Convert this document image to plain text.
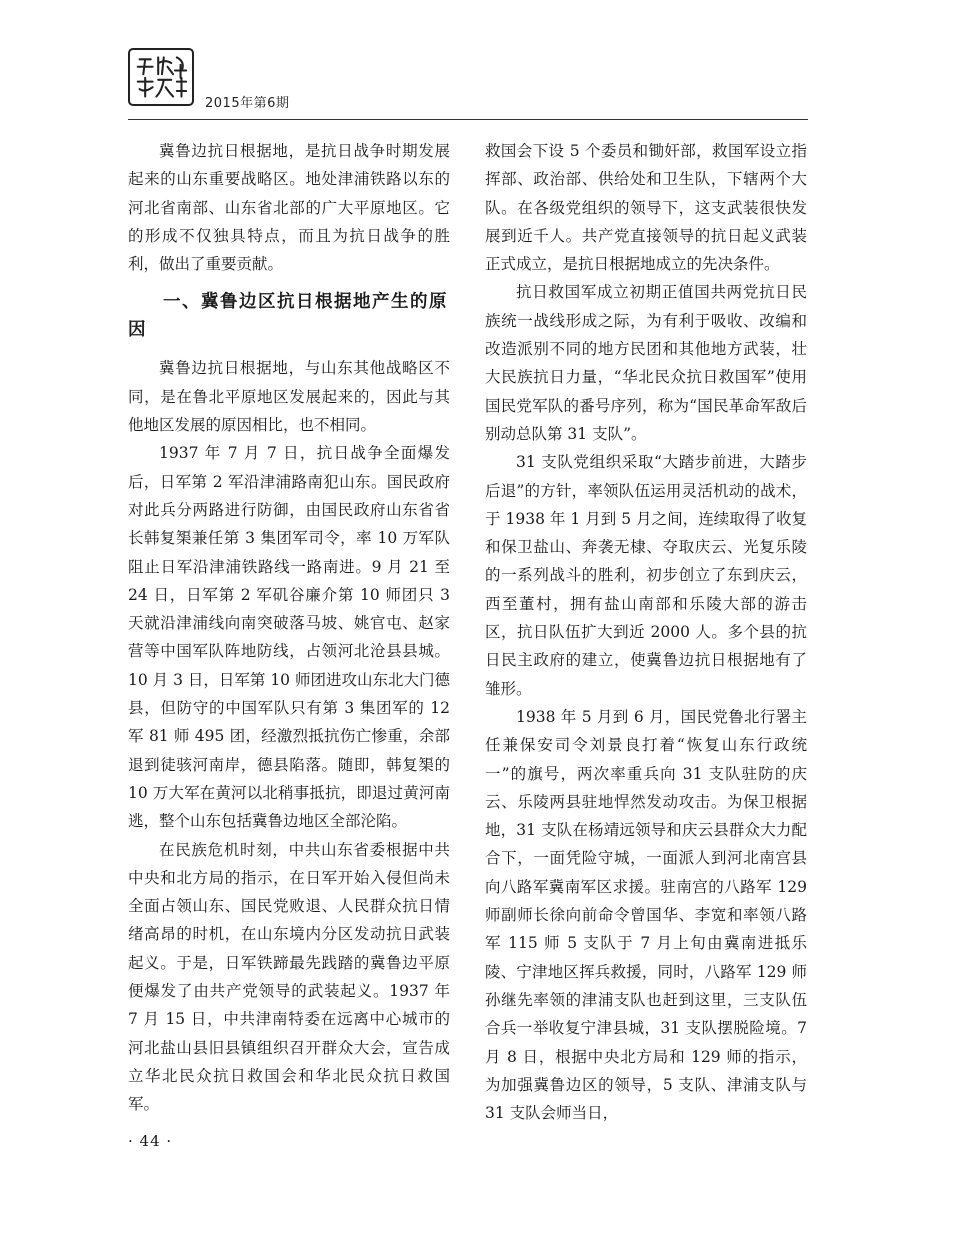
2015年第6期

冀鲁边抗日根据地，是抗日战争时期发展起来的山东重要战略区。地处津浦铁路以东的河北省南部、山东省北部的广大平原地区。它的形成不仅独具特点，而且为抗日战争的胜利，做出了重要贡献。

一、冀鲁边区抗日根据地产生的原因

冀鲁边抗日根据地，与山东其他战略区不同，是在鲁北平原地区发展起来的，因此与其他地区发展的原因相比，也不相同。

1937 年 7 月 7 日，抗日战争全面爆发后，日军第 2 军沿津浦路南犯山东。国民政府对此兵分两路进行防御，由国民政府山东省省长韩复榘兼任第 3 集团军司令，率 10 万军队阻止日军沿津浦铁路线一路南进。9 月 21 至 24 日，日军第 2 军矶谷廉介第 10 师团只 3 天就沿津浦线向南突破落马坡、姚官屯、赵家营等中国军队阵地防线，占领河北沧县县城。10 月 3 日，日军第 10 师团进攻山东北大门德县，但防守的中国军队只有第 3 集团军的 12 军 81 师 495 团，经激烈抵抗伤亡惨重，余部退到徒骇河南岸，德县陷落。随即，韩复榘的 10 万大军在黄河以北稍事抵抗，即退过黄河南逃，整个山东包括冀鲁边地区全部沦陷。

在民族危机时刻，中共山东省委根据中共中央和北方局的指示，在日军开始入侵但尚未全面占领山东、国民党败退、人民群众抗日情绪高昂的时机，在山东境内分区发动抗日武装起义。于是，日军铁蹄最先践踏的冀鲁边平原便爆发了由共产党领导的武装起义。1937 年 7 月 15 日，中共津南特委在远离中心城市的河北盐山县旧县镇组织召开群众大会，宣告成立华北民众抗日救国会和华北民众抗日救国军。

救国会下设 5 个委员和锄奸部，救国军设立指挥部、政治部、供给处和卫生队，下辖两个大队。在各级党组织的领导下，这支武装很快发展到近千人。共产党直接领导的抗日起义武装正式成立，是抗日根据地成立的先决条件。

抗日救国军成立初期正值国共两党抗日民族统一战线形成之际，为有利于吸收、改编和改造派别不同的地方民团和其他地方武装，壮大民族抗日力量，“华北民众抗日救国军”使用国民党军队的番号序列，称为“国民革命军敌后别动总队第 31 支队”。

31 支队党组织采取“大踏步前进，大踏步后退”的方针，率领队伍运用灵活机动的战术，于 1938 年 1 月到 5 月之间，连续取得了收复和保卫盐山、奔袭无棣、夺取庆云、光复乐陵的一系列战斗的胜利，初步创立了东到庆云，西至董村，拥有盐山南部和乐陵大部的游击区，抗日队伍扩大到近 2000 人。多个县的抗日民主政府的建立，使冀鲁边抗日根据地有了雏形。

1938 年 5 月到 6 月，国民党鲁北行署主任兼保安司令刘景良打着“恢复山东行政统一”的旗号，两次率重兵向 31 支队驻防的庆云、乐陵两县驻地悍然发动攻击。为保卫根据地，31 支队在杨靖远领导和庆云县群众大力配合下，一面凭险守城，一面派人到河北南宫县向八路军冀南军区求援。驻南宫的八路军 129 师副师长徐向前命令曾国华、李宽和率领八路军 115 师 5 支队于 7 月上旬由冀南进抵乐陵、宁津地区挥兵救援，同时，八路军 129 师孙继先率领的津浦支队也赶到这里，三支队伍合兵一举收复宁津县城，31 支队摆脱险境。7 月 8 日，根据中央北方局和 129 师的指示，为加强冀鲁边区的领导，5 支队、津浦支队与 31 支队会师当日，

· 44 ·
